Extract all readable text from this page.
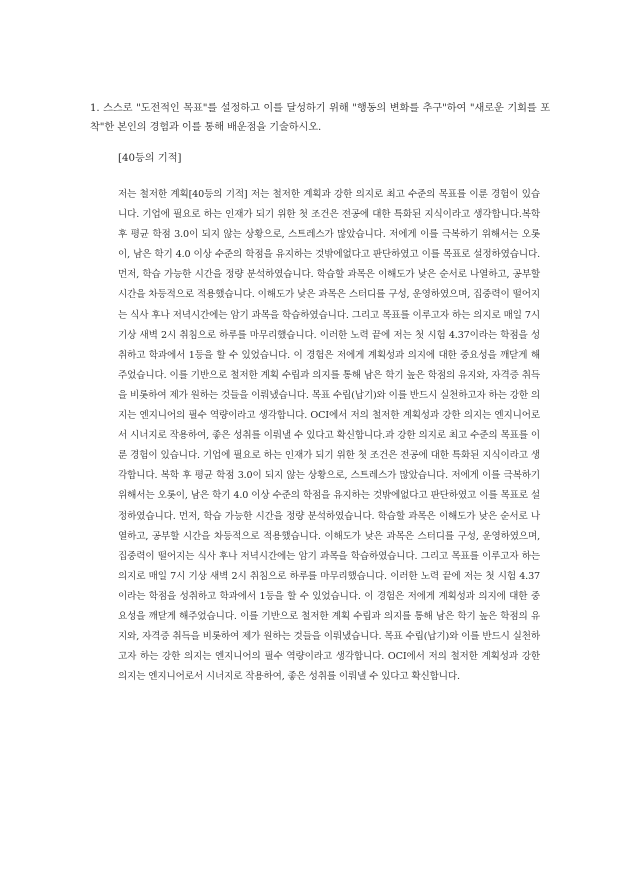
1. 스스로 "도전적인 목표"를 설정하고 이를 달성하기 위해 "행동의 변화를 추구"하여 "새로운 기회를 포착"한 본인의 경험과 이를 통해 배운점을 기술하시오.
[40등의 기적]
저는 철저한 계획[40등의 기적] 저는 철저한 계획과 강한 의지로 최고 수준의 목표를 이룬 경험이 있습니다. 기업에 필요로 하는 인재가 되기 위한 첫 조건은 전공에 대한 특화된 지식이라고 생각합니다.복학 후 평균 학점 3.0이 되지 않는 상황으로, 스트레스가 많았습니다. 저에게 이를 극복하기 위해서는 오롯이, 남은 학기 4.0 이상 수준의 학점을 유지하는 것밖에없다고 판단하였고 이를 목표로 설정하였습니다. 먼저, 학습 가능한 시간을 정량 분석하였습니다. 학습할 과목은 이해도가 낮은 순서로 나열하고, 공부할 시간을 차등적으로 적용했습니다. 이해도가 낮은 과목은 스터디를 구성, 운영하였으며, 집중력이 떨어지는 식사 후나 저녁시간에는 암기 과목을 학습하였습니다. 그리고 목표를 이루고자 하는 의지로 매일 7시 기상 새벽 2시 취침으로 하루를 마무리했습니다. 이러한 노력 끝에 저는 첫 시험 4.37이라는 학점을 성취하고 학과에서 1등을 할 수 있었습니다. 이 경험은 저에게 계획성과 의지에 대한 중요성을 깨닫게 해주었습니다. 이를 기반으로 철저한 계획 수립과 의지를 통해 남은 학기 높은 학점의 유지와, 자격증 취득을 비롯하여 제가 원하는 것들을 이뤄냈습니다. 목표 수립(납기)와 이를 반드시 실천하고자 하는 강한 의지는 엔지니어의 필수 역량이라고 생각합니다. OCI에서 저의 철저한 계획성과 강한 의지는 엔지니어로서 시너지로 작용하여, 좋은 성취를 이뤄낼 수 있다고 확신합니다.과 강한 의지로 최고 수준의 목표를 이룬 경험이 있습니다. 기업에 필요로 하는 인재가 되기 위한 첫 조건은 전공에 대한 특화된 지식이라고 생각합니다. 복학 후 평균 학점 3.0이 되지 않는 상황으로, 스트레스가 많았습니다. 저에게 이를 극복하기 위해서는 오롯이, 남은 학기 4.0 이상 수준의 학점을 유지하는 것밖에없다고 판단하였고 이를 목표로 설정하였습니다. 먼저, 학습 가능한 시간을 정량 분석하였습니다. 학습할 과목은 이해도가 낮은 순서로 나열하고, 공부할 시간을 차등적으로 적용했습니다. 이해도가 낮은 과목은 스터디를 구성, 운영하였으며, 집중력이 떨어지는 식사 후나 저녁시간에는 암기 과목을 학습하였습니다. 그리고 목표를 이루고자 하는 의지로 매일 7시 기상 새벽 2시 취침으로 하루를 마무리했습니다. 이러한 노력 끝에 저는 첫 시험 4.37이라는 학점을 성취하고 학과에서 1등을 할 수 있었습니다. 이 경험은 저에게 계획성과 의지에 대한 중요성을 깨닫게 해주었습니다. 이를 기반으로 철저한 계획 수립과 의지를 통해 남은 학기 높은 학점의 유지와, 자격증 취득을 비롯하여 제가 원하는 것들을 이뤄냈습니다. 목표 수립(납기)와 이를 반드시 실천하고자 하는 강한 의지는 엔지니어의 필수 역량이라고 생각합니다. OCI에서 저의 철저한 계획성과 강한 의지는 엔지니어로서 시너지로 작용하여, 좋은 성취를 이뤄낼 수 있다고 확신합니다.
